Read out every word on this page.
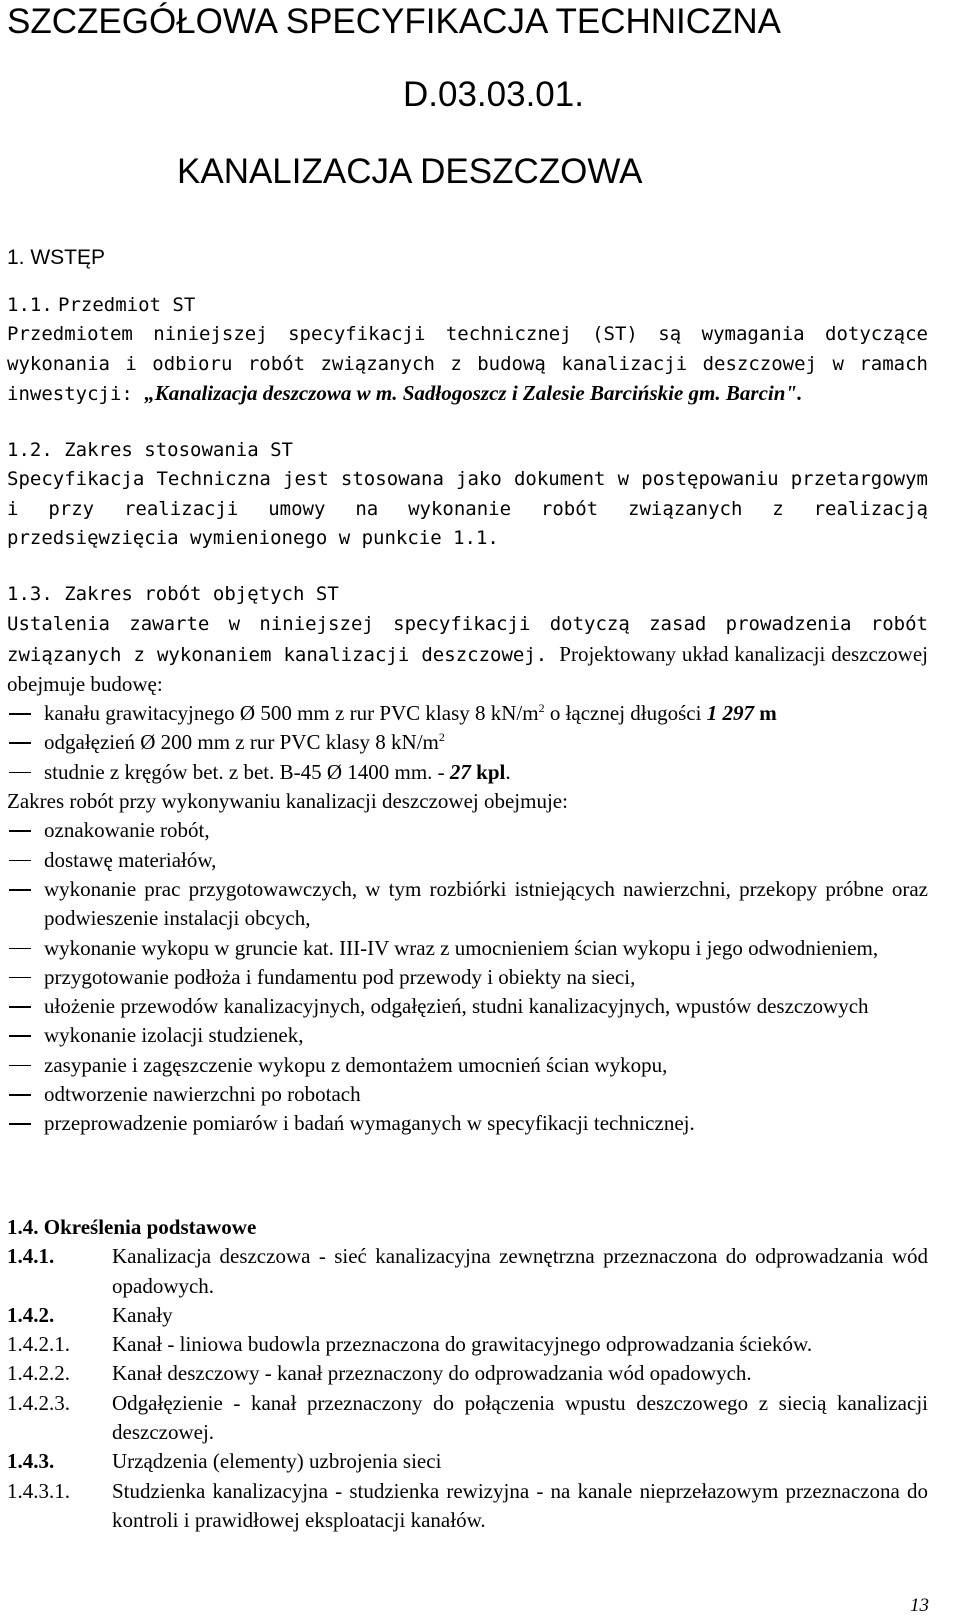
SZCZEGÓŁOWA SPECYFIKACJA TECHNICZNA
D.03.03.01.
KANALIZACJA DESZCZOWA
1. WSTĘP
1.1. Przedmiot ST
Przedmiotem niniejszej specyfikacji technicznej (ST) są wymagania dotyczące wykonania i odbioru robót związanych z budową kanalizacji deszczowej w ramach inwestycji: „Kanalizacja deszczowa w m. Sadłogoszcz i Zalesie Barcińskie gm. Barcin".
1.2. Zakres stosowania ST
Specyfikacja Techniczna jest stosowana jako dokument w postępowaniu przetargowym i przy realizacji umowy na wykonanie robót związanych z realizacją przedsięwzięcia wymienionego w punkcie 1.1.
1.3. Zakres robót objętych ST
Ustalenia zawarte w niniejszej specyfikacji dotyczą zasad prowadzenia robót związanych z wykonaniem kanalizacji deszczowej. Projektowany układ kanalizacji deszczowej obejmuje budowę:
kanału grawitacyjnego Ø 500 mm z rur PVC klasy 8 $kN/m^2$ o łącznej długości 1 297 m
odgałęzień Ø 200 mm z rur PVC klasy 8 $kN/m^2$
studnie z kręgów bet. z bet. B-45 Ø 1400 mm. - 27 kpl.
Zakres robót przy wykonywaniu kanalizacji deszczowej obejmuje:
oznakowanie robót,
dostawę materiałów,
wykonanie prac przygotowawczych, w tym rozbiórki istniejących nawierzchni, przekopy próbne oraz podwieszenie instalacji obcych,
wykonanie wykopu w gruncie kat. III-IV wraz z umocnieniem ścian wykopu i jego odwodnieniem,
przygotowanie podłoża i fundamentu pod przewody i obiekty na sieci,
ułożenie przewodów kanalizacyjnych, odgałęzień, studni kanalizacyjnych, wpustów deszczowych
wykonanie izolacji studzienek,
zasypanie i zagęszczenie wykopu z demontażem umocnień ścian wykopu,
odtworzenie nawierzchni po robotach
przeprowadzenie pomiarów i badań wymaganych w specyfikacji technicznej.
1.4. Określenia podstawowe
1.4.1.	Kanalizacja deszczowa - sieć kanalizacyjna zewnętrzna przeznaczona do odprowadzania wód opadowych.
1.4.2.	Kanały
1.4.2.1.	Kanał - liniowa budowla przeznaczona do grawitacyjnego odprowadzania ścieków.
1.4.2.2.	Kanał deszczowy - kanał przeznaczony do odprowadzania wód opadowych.
1.4.2.3.	Odgałęzienie - kanał przeznaczony do połączenia wpustu deszczowego z siecią kanalizacji deszczowej.
1.4.3.	Urządzenia (elementy) uzbrojenia sieci
1.4.3.1.	Studzienka kanalizacyjna - studzienka rewizyjna - na kanale nieprzełazowym przeznaczona do kontroli i prawidłowej eksploatacji kanałów.
13
